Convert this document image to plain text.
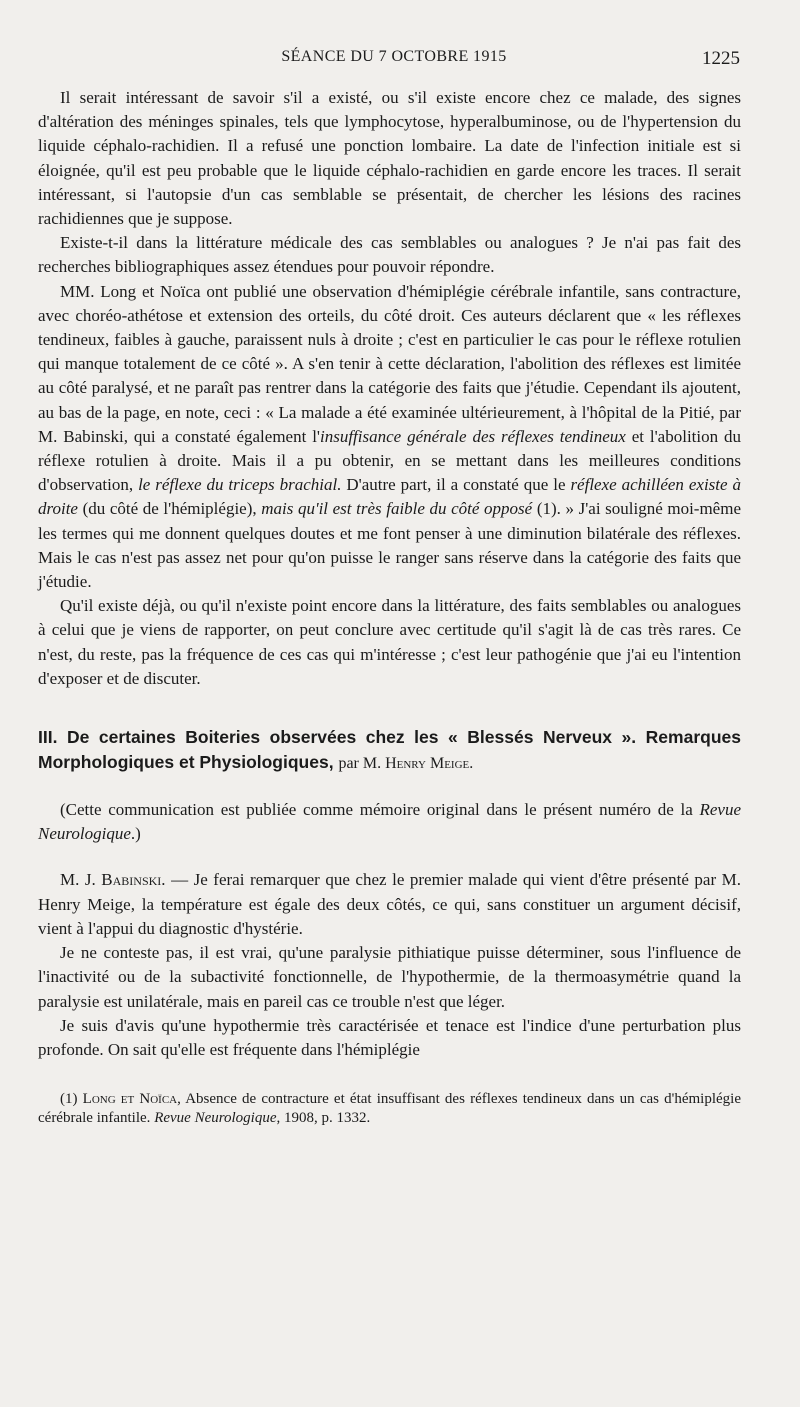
SÉANCE DU 7 OCTOBRE 1915	1225

Il serait intéressant de savoir s'il a existé, ou s'il existe encore chez ce malade, des signes d'altération des méninges spinales, tels que lymphocytose, hyperalbuminose, ou de l'hypertension du liquide céphalo-rachidien. Il a refusé une ponction lombaire. La date de l'infection initiale est si éloignée, qu'il est peu probable que le liquide céphalo-rachidien en garde encore les traces. Il serait intéressant, si l'autopsie d'un cas semblable se présentait, de chercher les lésions des racines rachidiennes que je suppose.

Existe-t-il dans la littérature médicale des cas semblables ou analogues ? Je n'ai pas fait des recherches bibliographiques assez étendues pour pouvoir répondre.

MM. Long et Noïca ont publié une observation d'hémiplégie cérébrale infantile, sans contracture, avec choréo-athétose et extension des orteils, du côté droit. Ces auteurs déclarent que « les réflexes tendineux, faibles à gauche, paraissent nuls à droite ; c'est en particulier le cas pour le réflexe rotulien qui manque totalement de ce côté ». A s'en tenir à cette déclaration, l'abolition des réflexes est limitée au côté paralysé, et ne paraît pas rentrer dans la catégorie des faits que j'étudie. Cependant ils ajoutent, au bas de la page, en note, ceci : « La malade a été examinée ultérieurement, à l'hôpital de la Pitié, par M. Babinski, qui a constaté également l'insuffisance générale des réflexes tendineux et l'abolition du réflexe rotulien à droite. Mais il a pu obtenir, en se mettant dans les meilleures conditions d'observation, le réflexe du triceps brachial. D'autre part, il a constaté que le réflexe achilléen existe à droite (du côté de l'hémiplégie), mais qu'il est très faible du côté opposé (1). » J'ai souligné moi-même les termes qui me donnent quelques doutes et me font penser à une diminution bilatérale des réflexes. Mais le cas n'est pas assez net pour qu'on puisse le ranger sans réserve dans la catégorie des faits que j'étudie.

Qu'il existe déjà, ou qu'il n'existe point encore dans la littérature, des faits semblables ou analogues à celui que je viens de rapporter, on peut conclure avec certitude qu'il s'agit là de cas très rares. Ce n'est, du reste, pas la fréquence de ces cas qui m'intéresse ; c'est leur pathogénie que j'ai eu l'intention d'exposer et de discuter.

III. De certaines Boiteries observées chez les « Blessés Nerveux ». Remarques Morphologiques et Physiologiques, par M. Henry Meige.

(Cette communication est publiée comme mémoire original dans le présent numéro de la Revue Neurologique.)

M. J. Babinski. — Je ferai remarquer que chez le premier malade qui vient d'être présenté par M. Henry Meige, la température est égale des deux côtés, ce qui, sans constituer un argument décisif, vient à l'appui du diagnostic d'hystérie.

Je ne conteste pas, il est vrai, qu'une paralysie pithiatique puisse déterminer, sous l'influence de l'inactivité ou de la subactivité fonctionnelle, de l'hypothermie, de la thermoasymétrie quand la paralysie est unilatérale, mais en pareil cas ce trouble n'est que léger.

Je suis d'avis qu'une hypothermie très caractérisée et tenace est l'indice d'une perturbation plus profonde. On sait qu'elle est fréquente dans l'hémiplégie

(1) Long et Noïca, Absence de contracture et état insuffisant des réflexes tendineux dans un cas d'hémiplégie cérébrale infantile. Revue Neurologique, 1908, p. 1332.
